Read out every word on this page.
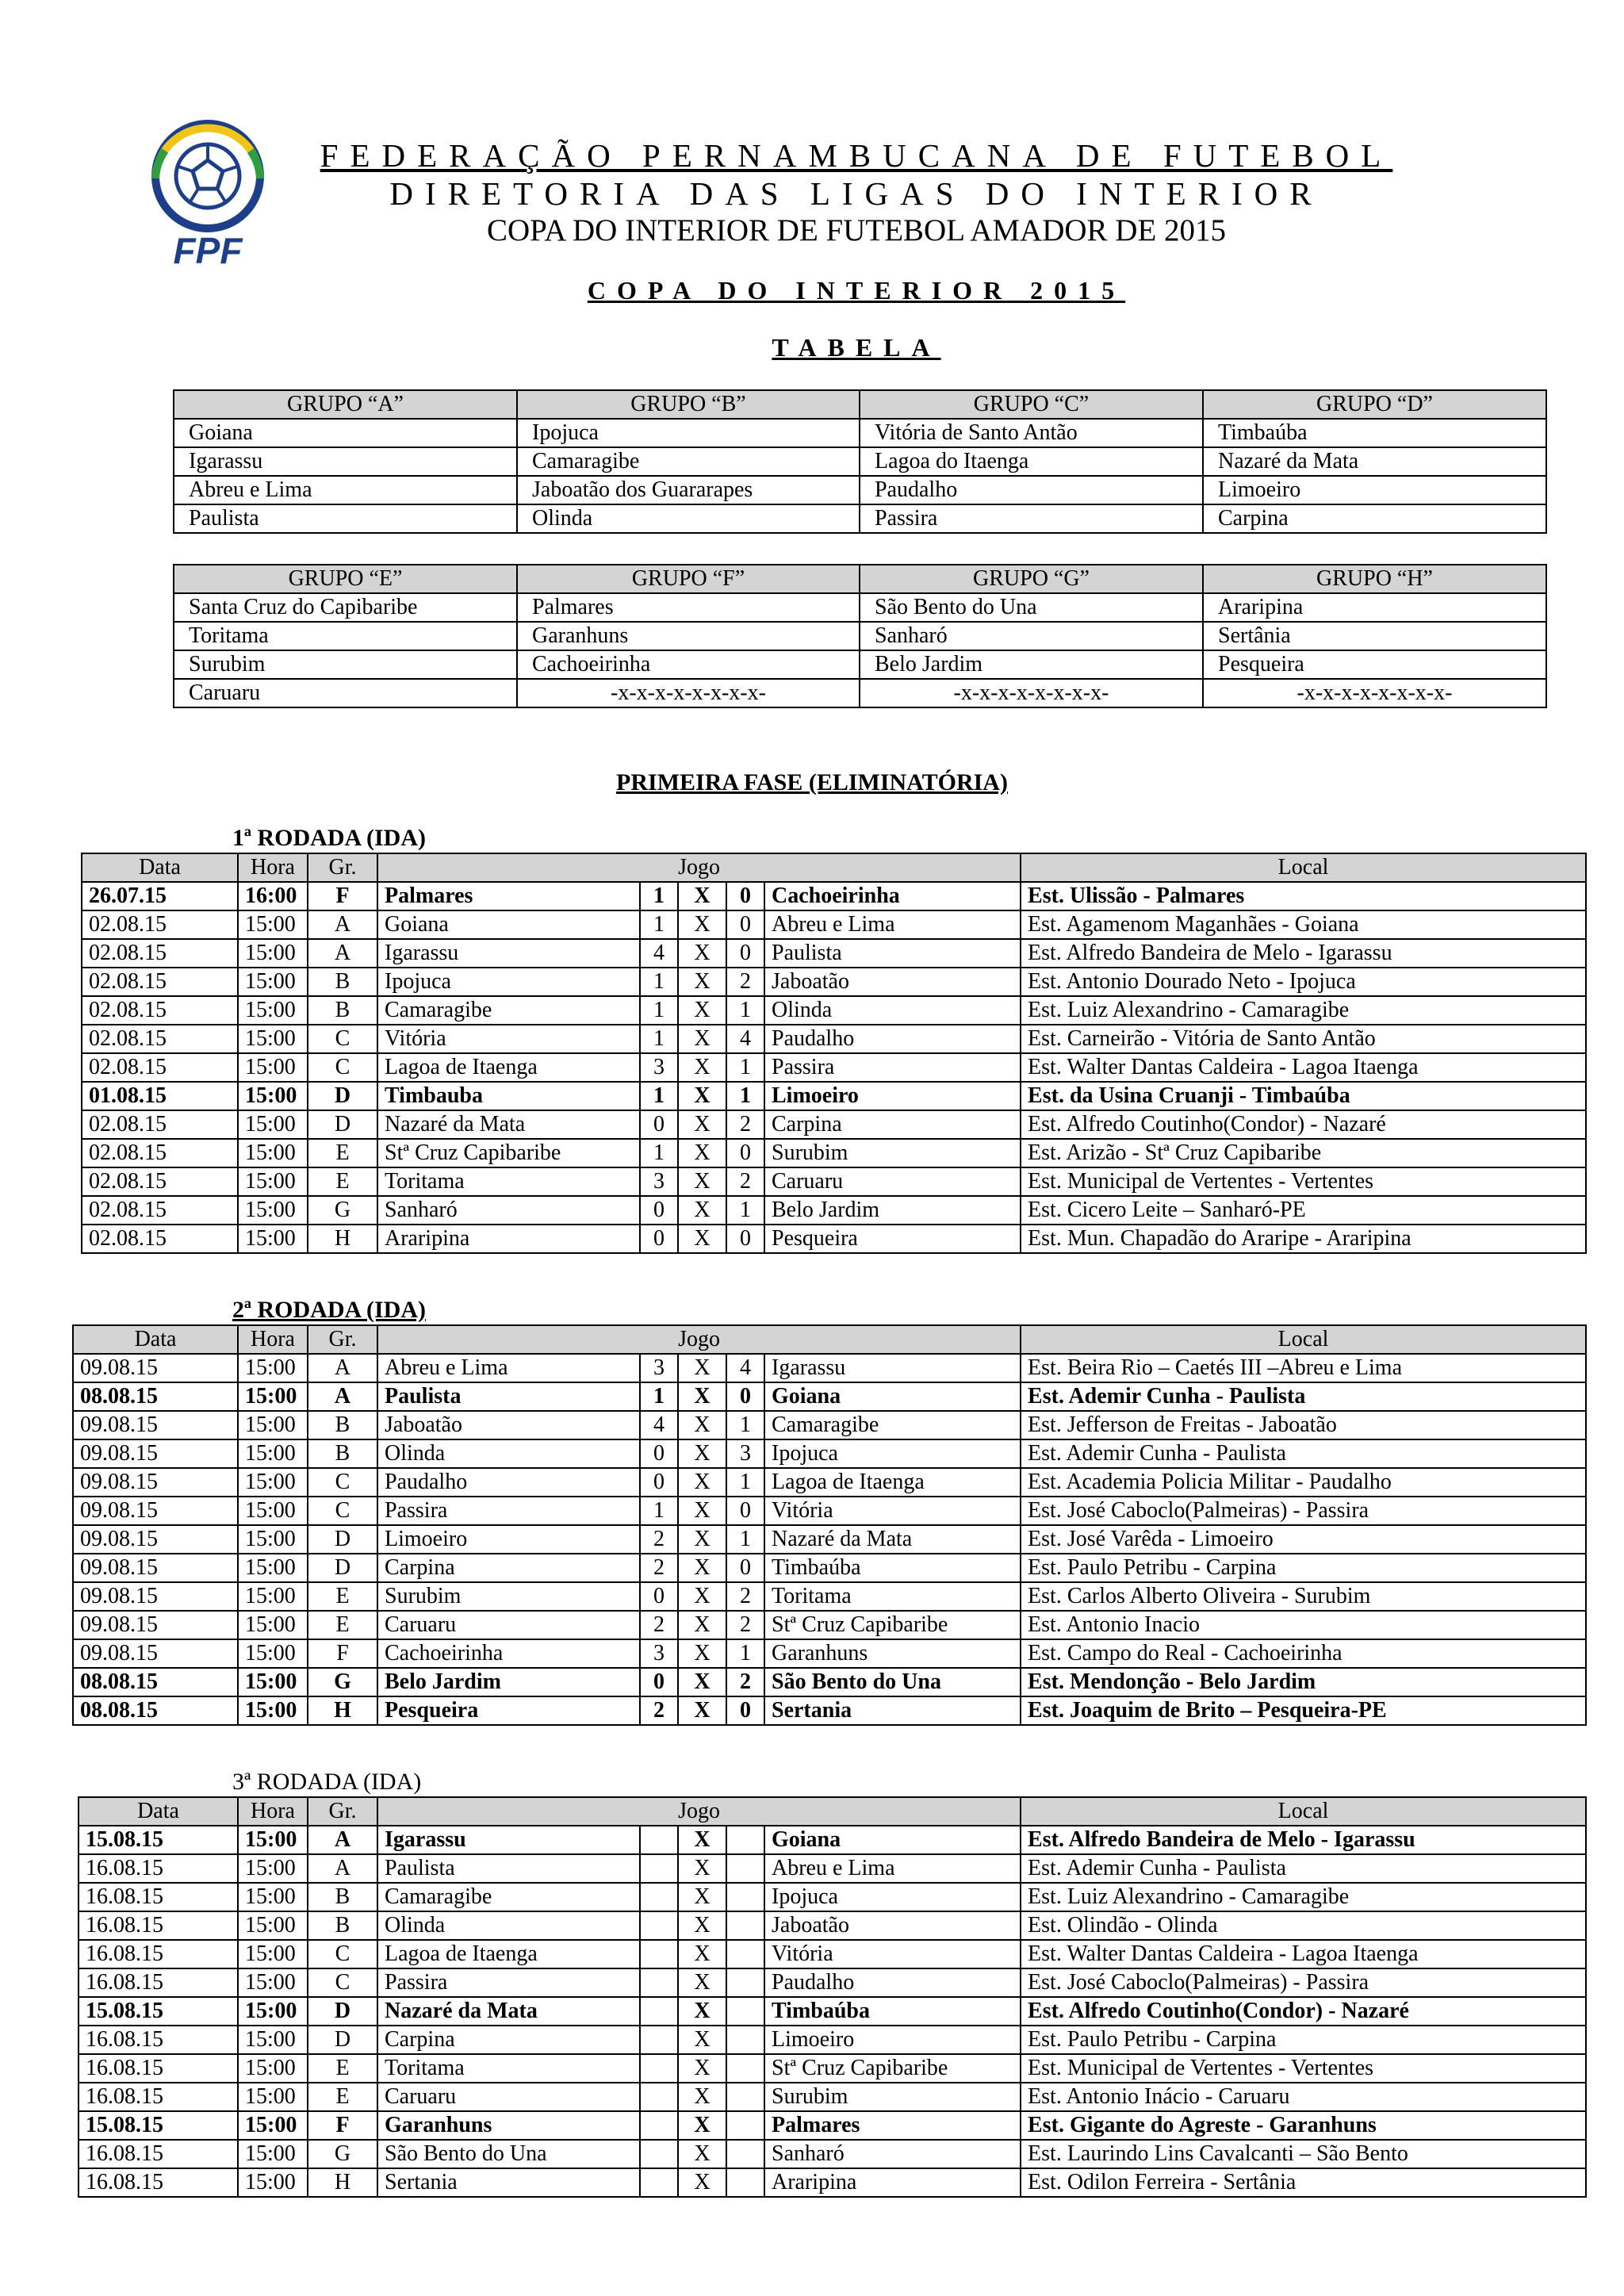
FPF
FEDERAÇÃO PERNAMBUCANA DE FUTEBOL
DIRETORIA DAS LIGAS DO INTERIOR
COPA DO INTERIOR DE FUTEBOL AMADOR DE 2015
COPA DO INTERIOR 2015
TABELA
GRUPO “A”	GRUPO “B”	GRUPO “C”	GRUPO “D”
Goiana	Ipojuca	Vitória de Santo Antão	Timbaúba
Igarassu	Camaragibe	Lagoa do Itaenga	Nazaré da Mata
Abreu e Lima	Jaboatão dos Guararapes	Paudalho	Limoeiro
Paulista	Olinda	Passira	Carpina
GRUPO “E”	GRUPO “F”	GRUPO “G”	GRUPO “H”
Santa Cruz do Capibaribe	Palmares	São Bento do Una	Araripina
Toritama	Garanhuns	Sanharó	Sertânia
Surubim	Cachoeirinha	Belo Jardim	Pesqueira
Caruaru	-x-x-x-x-x-x-x-x-	-x-x-x-x-x-x-x-x-	-x-x-x-x-x-x-x-x-
PRIMEIRA FASE (ELIMINATÓRIA)
1ª RODADA (IDA)
Data	Hora	Gr.	Jogo					Local
26.07.15	16:00	F	Palmares	1	X	0	Cachoeirinha	Est. Ulissão - Palmares
02.08.15	15:00	A	Goiana	1	X	0	Abreu e Lima	Est. Agamenom Maganhães - Goiana
02.08.15	15:00	A	Igarassu	4	X	0	Paulista	Est. Alfredo Bandeira de Melo - Igarassu
02.08.15	15:00	B	Ipojuca	1	X	2	Jaboatão	Est. Antonio Dourado Neto - Ipojuca
02.08.15	15:00	B	Camaragibe	1	X	1	Olinda	Est. Luiz Alexandrino - Camaragibe
02.08.15	15:00	C	Vitória	1	X	4	Paudalho	Est. Carneirão - Vitória de Santo Antão
02.08.15	15:00	C	Lagoa de Itaenga	3	X	1	Passira	Est. Walter Dantas Caldeira - Lagoa Itaenga
01.08.15	15:00	D	Timbauba	1	X	1	Limoeiro	Est. da Usina Cruanji - Timbaúba
02.08.15	15:00	D	Nazaré da Mata	0	X	2	Carpina	Est. Alfredo Coutinho(Condor) - Nazaré
02.08.15	15:00	E	Stª Cruz Capibaribe	1	X	0	Surubim	Est. Arizão - Stª Cruz Capibaribe
02.08.15	15:00	E	Toritama	3	X	2	Caruaru	Est. Municipal de Vertentes - Vertentes
02.08.15	15:00	G	Sanharó	0	X	1	Belo Jardim	Est. Cicero Leite – Sanharó-PE
02.08.15	15:00	H	Araripina	0	X	0	Pesqueira	Est. Mun. Chapadão do Araripe - Araripina
2ª RODADA (IDA)
Data	Hora	Gr.	Jogo					Local
09.08.15	15:00	A	Abreu e Lima	3	X	4	Igarassu	Est. Beira Rio – Caetés III –Abreu e Lima
08.08.15	15:00	A	Paulista	1	X	0	Goiana	Est. Ademir Cunha - Paulista
09.08.15	15:00	B	Jaboatão	4	X	1	Camaragibe	Est. Jefferson de Freitas - Jaboatão
09.08.15	15:00	B	Olinda	0	X	3	Ipojuca	Est. Ademir Cunha - Paulista
09.08.15	15:00	C	Paudalho	0	X	1	Lagoa de Itaenga	Est. Academia Policia Militar - Paudalho
09.08.15	15:00	C	Passira	1	X	0	Vitória	Est. José Caboclo(Palmeiras) - Passira
09.08.15	15:00	D	Limoeiro	2	X	1	Nazaré da Mata	Est. José Varêda - Limoeiro
09.08.15	15:00	D	Carpina	2	X	0	Timbaúba	Est. Paulo Petribu - Carpina
09.08.15	15:00	E	Surubim	0	X	2	Toritama	Est. Carlos Alberto Oliveira - Surubim
09.08.15	15:00	E	Caruaru	2	X	2	Stª Cruz Capibaribe	Est. Antonio Inacio
09.08.15	15:00	F	Cachoeirinha	3	X	1	Garanhuns	Est. Campo do Real - Cachoeirinha
08.08.15	15:00	G	Belo Jardim	0	X	2	São Bento do Una	Est. Mendonção - Belo Jardim
08.08.15	15:00	H	Pesqueira	2	X	0	Sertania	Est. Joaquim de Brito – Pesqueira-PE
3ª RODADA (IDA)
Data	Hora	Gr.	Jogo					Local
15.08.15	15:00	A	Igarassu		X		Goiana	Est. Alfredo Bandeira de Melo - Igarassu
16.08.15	15:00	A	Paulista		X		Abreu e Lima	Est. Ademir Cunha - Paulista
16.08.15	15:00	B	Camaragibe		X		Ipojuca	Est. Luiz Alexandrino - Camaragibe
16.08.15	15:00	B	Olinda		X		Jaboatão	Est. Olindão - Olinda
16.08.15	15:00	C	Lagoa de Itaenga		X		Vitória	Est. Walter Dantas Caldeira - Lagoa Itaenga
16.08.15	15:00	C	Passira		X		Paudalho	Est. José Caboclo(Palmeiras) - Passira
15.08.15	15:00	D	Nazaré da Mata		X		Timbaúba	Est. Alfredo Coutinho(Condor) - Nazaré
16.08.15	15:00	D	Carpina		X		Limoeiro	Est. Paulo Petribu - Carpina
16.08.15	15:00	E	Toritama		X		Stª Cruz Capibaribe	Est. Municipal de Vertentes - Vertentes
16.08.15	15:00	E	Caruaru		X		Surubim	Est. Antonio Inácio - Caruaru
15.08.15	15:00	F	Garanhuns		X		Palmares	Est. Gigante do Agreste - Garanhuns
16.08.15	15:00	G	São Bento do Una		X		Sanharó	Est. Laurindo Lins Cavalcanti – São Bento
16.08.15	15:00	H	Sertania		X		Araripina	Est. Odilon Ferreira - Sertânia
